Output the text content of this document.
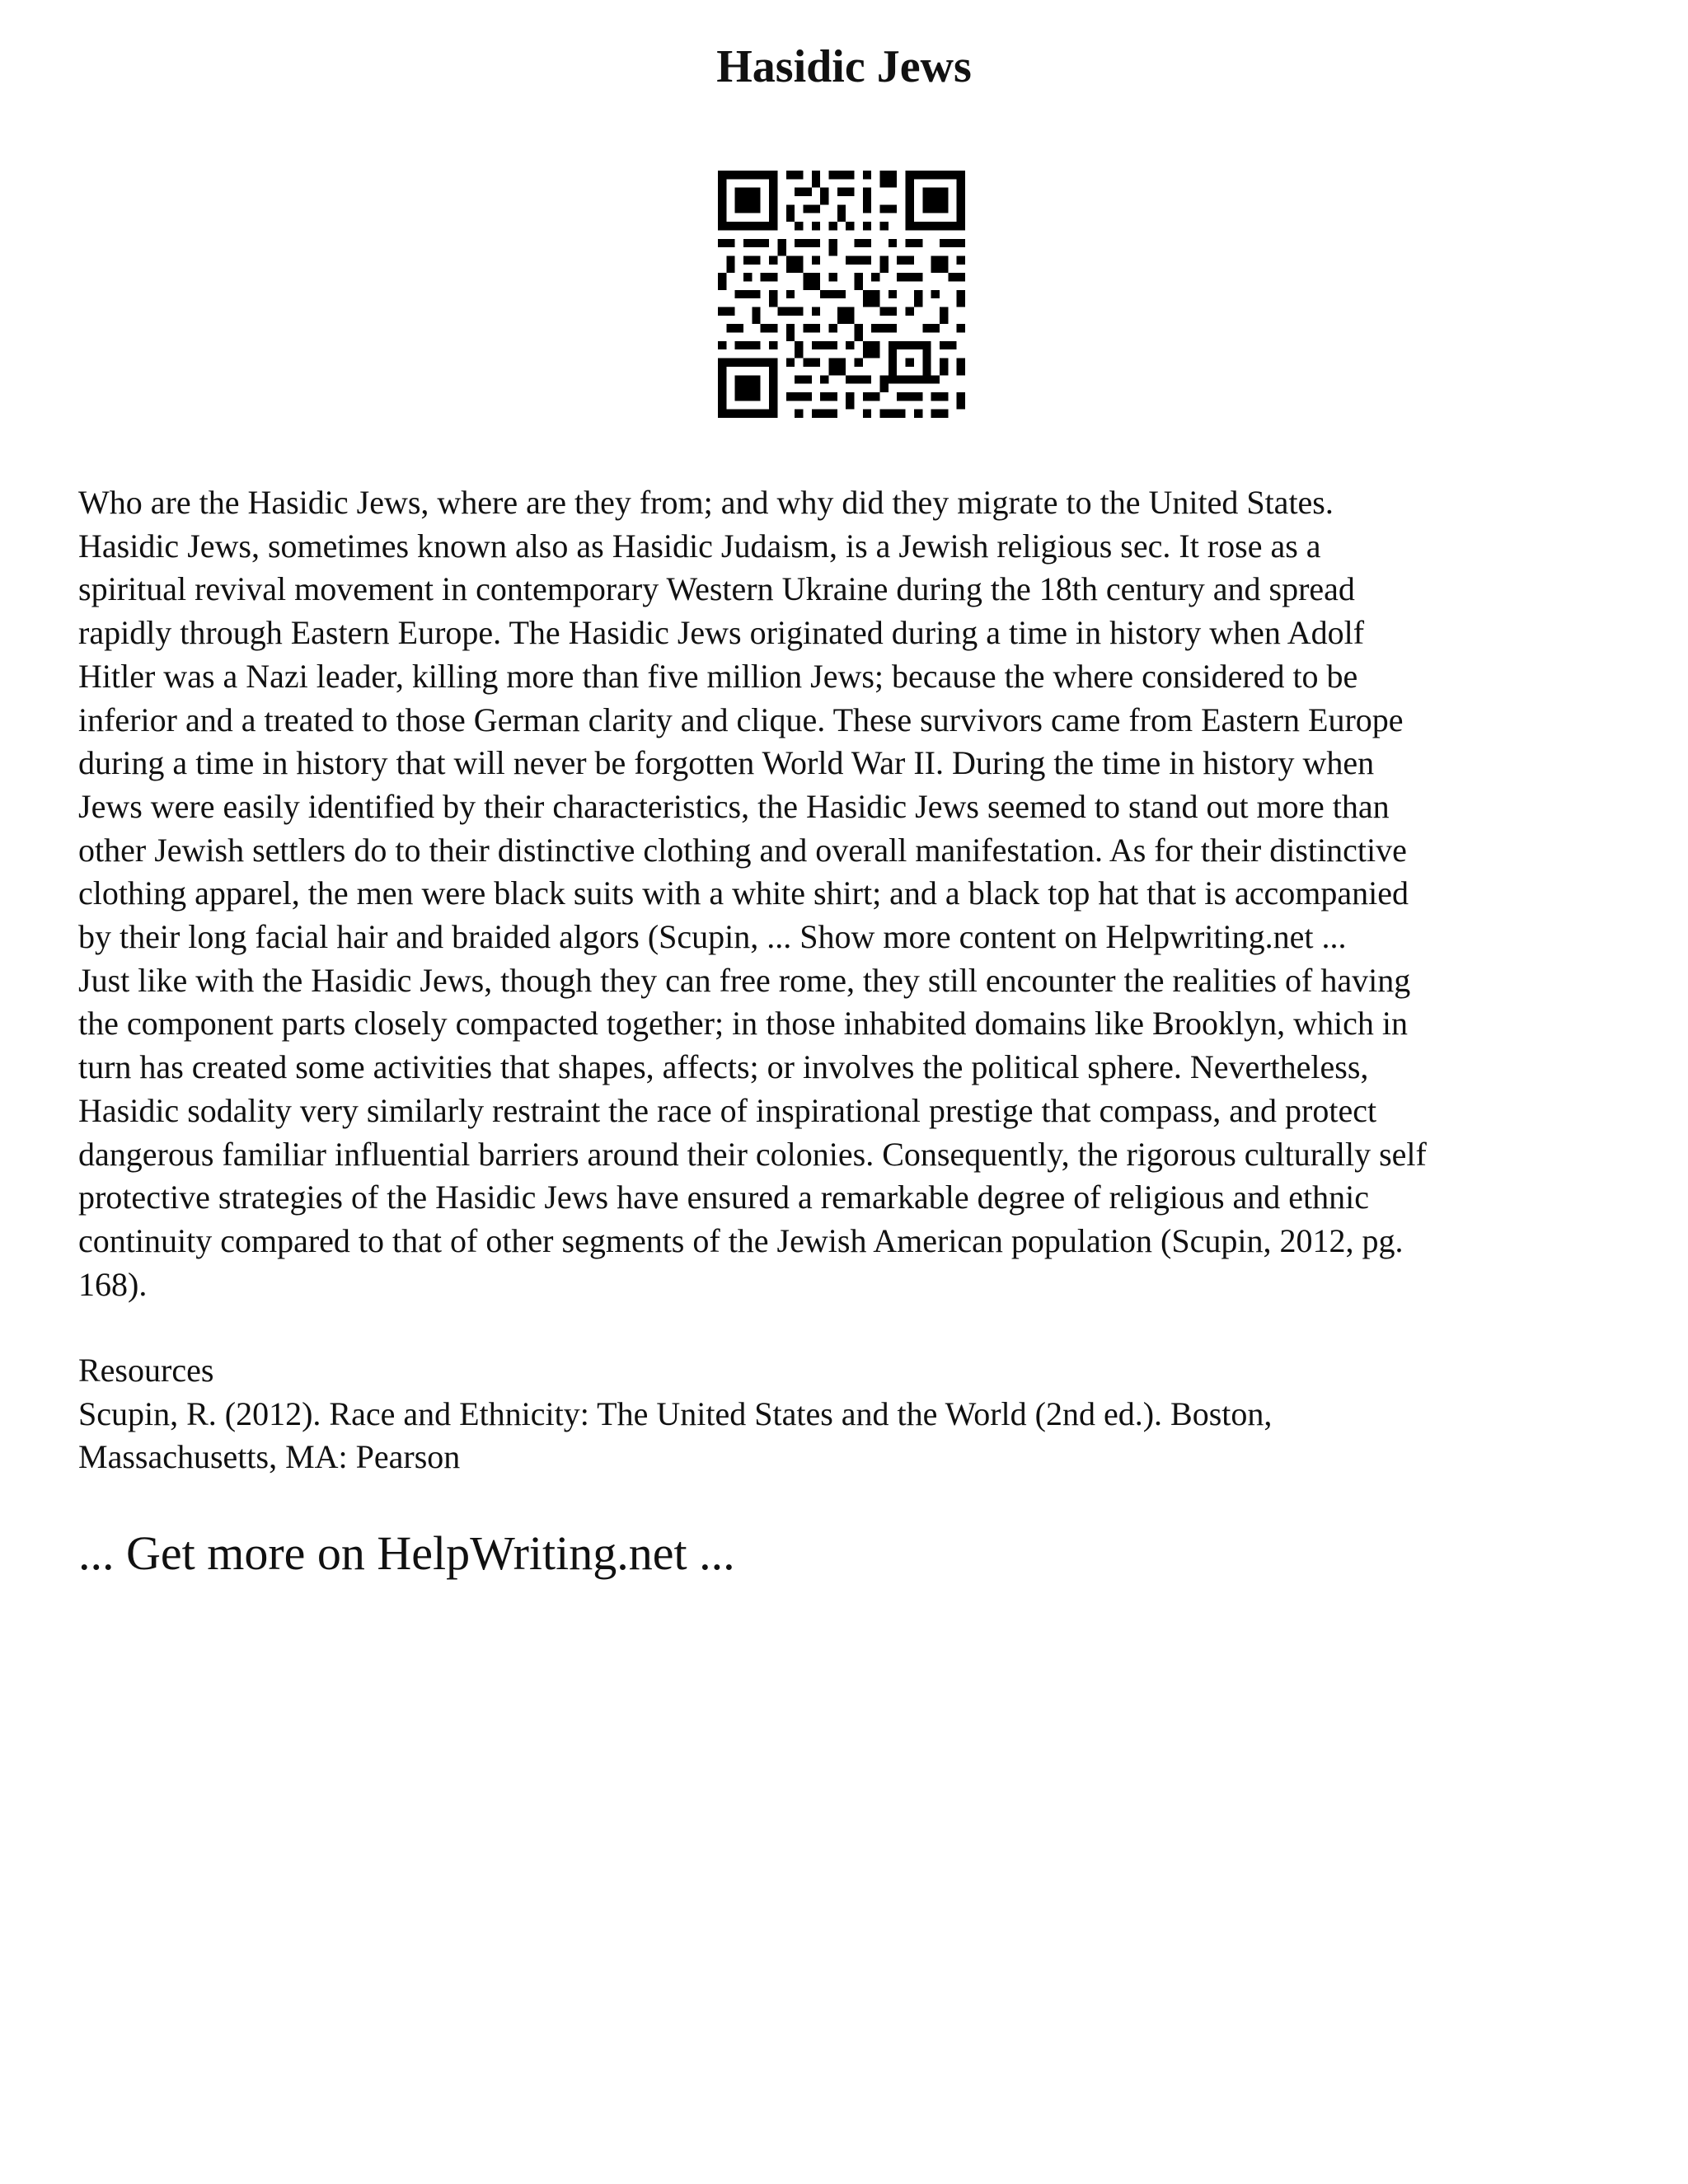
Hasidic Jews
Who are the Hasidic Jews, where are they from; and why did they migrate to the United States.
Hasidic Jews, sometimes known also as Hasidic Judaism, is a Jewish religious sec. It rose as a
spiritual revival movement in contemporary Western Ukraine during the 18th century and spread
rapidly through Eastern Europe. The Hasidic Jews originated during a time in history when Adolf
Hitler was a Nazi leader, killing more than five million Jews; because the where considered to be
inferior and a treated to those German clarity and clique. These survivors came from Eastern Europe
during a time in history that will never be forgotten World War II. During the time in history when
Jews were easily identified by their characteristics, the Hasidic Jews seemed to stand out more than
other Jewish settlers do to their distinctive clothing and overall manifestation. As for their distinctive
clothing apparel, the men were black suits with a white shirt; and a black top hat that is accompanied
by their long facial hair and braided algors (Scupin, ... Show more content on Helpwriting.net ...
Just like with the Hasidic Jews, though they can free rome, they still encounter the realities of having
the component parts closely compacted together; in those inhabited domains like Brooklyn, which in
turn has created some activities that shapes, affects; or involves the political sphere. Nevertheless,
Hasidic sodality very similarly restraint the race of inspirational prestige that compass, and protect
dangerous familiar influential barriers around their colonies. Consequently, the rigorous culturally self
protective strategies of the Hasidic Jews have ensured a remarkable degree of religious and ethnic
continuity compared to that of other segments of the Jewish American population (Scupin, 2012, pg.
168).
Resources
Scupin, R. (2012). Race and Ethnicity: The United States and the World (2nd ed.). Boston,
Massachusetts, MA: Pearson
... Get more on HelpWriting.net ...
